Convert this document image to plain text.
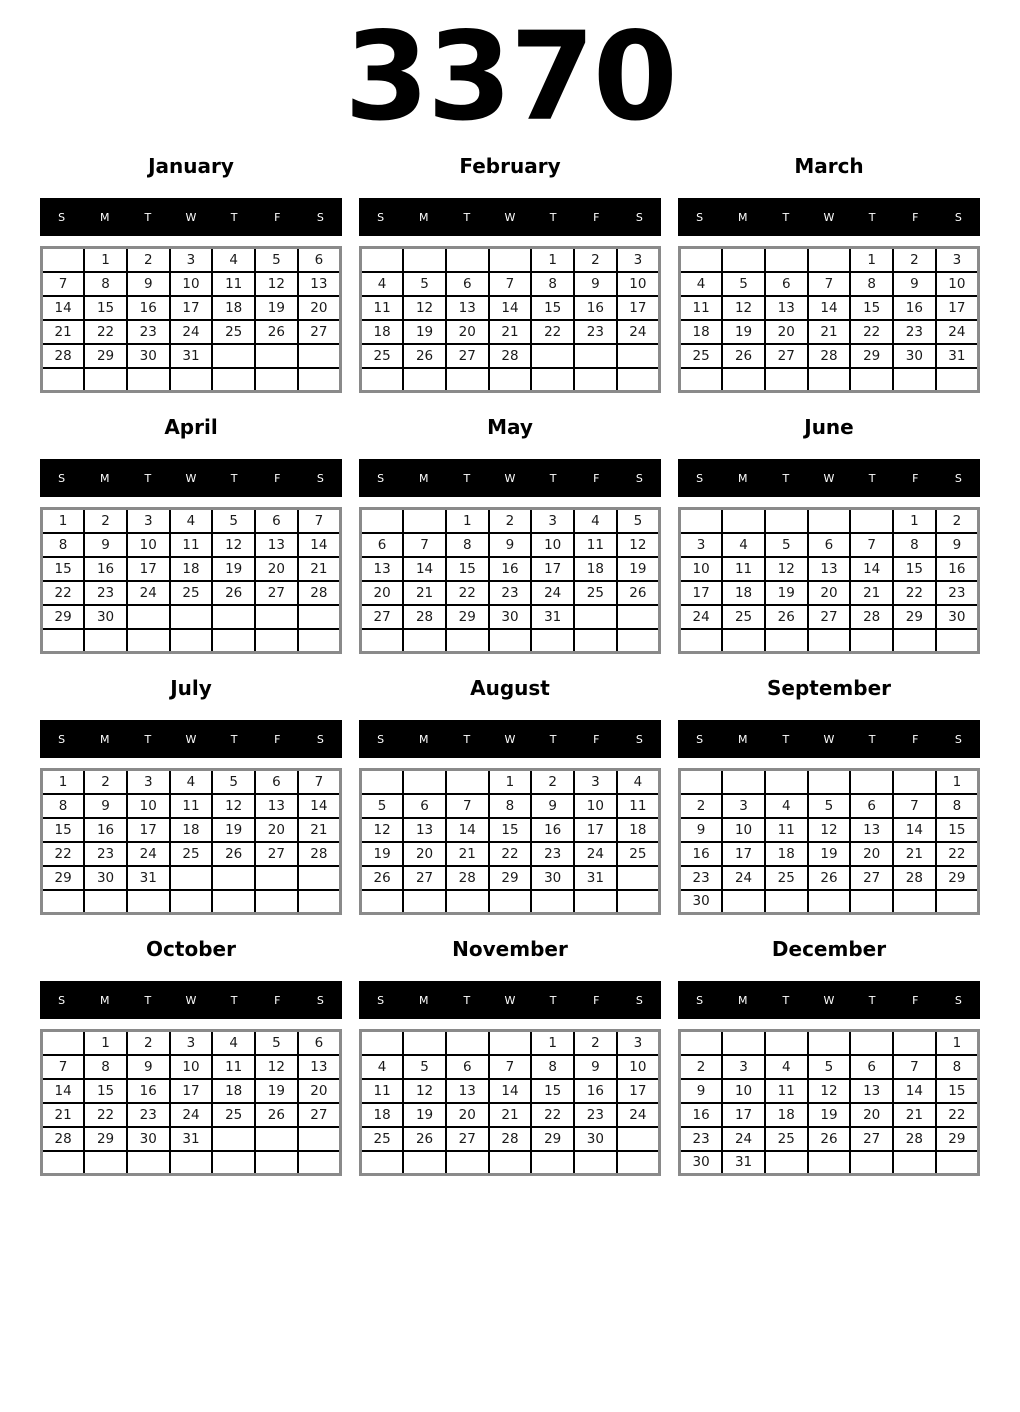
3370
January
S	M	T	W	T	F	S
	1	2	3	4	5	6
7	8	9	10	11	12	13
14	15	16	17	18	19	20
21	22	23	24	25	26	27
28	29	30	31			

February
S	M	T	W	T	F	S
				1	2	3
4	5	6	7	8	9	10
11	12	13	14	15	16	17
18	19	20	21	22	23	24
25	26	27	28			

March
S	M	T	W	T	F	S
				1	2	3
4	5	6	7	8	9	10
11	12	13	14	15	16	17
18	19	20	21	22	23	24
25	26	27	28	29	30	31

April
S	M	T	W	T	F	S
1	2	3	4	5	6	7
8	9	10	11	12	13	14
15	16	17	18	19	20	21
22	23	24	25	26	27	28
29	30					

May
S	M	T	W	T	F	S
		1	2	3	4	5
6	7	8	9	10	11	12
13	14	15	16	17	18	19
20	21	22	23	24	25	26
27	28	29	30	31		

June
S	M	T	W	T	F	S
					1	2
3	4	5	6	7	8	9
10	11	12	13	14	15	16
17	18	19	20	21	22	23
24	25	26	27	28	29	30

July
S	M	T	W	T	F	S
1	2	3	4	5	6	7
8	9	10	11	12	13	14
15	16	17	18	19	20	21
22	23	24	25	26	27	28
29	30	31				

August
S	M	T	W	T	F	S
			1	2	3	4
5	6	7	8	9	10	11
12	13	14	15	16	17	18
19	20	21	22	23	24	25
26	27	28	29	30	31	

September
S	M	T	W	T	F	S
						1
2	3	4	5	6	7	8
9	10	11	12	13	14	15
16	17	18	19	20	21	22
23	24	25	26	27	28	29
30						
October
S	M	T	W	T	F	S
	1	2	3	4	5	6
7	8	9	10	11	12	13
14	15	16	17	18	19	20
21	22	23	24	25	26	27
28	29	30	31			

November
S	M	T	W	T	F	S
				1	2	3
4	5	6	7	8	9	10
11	12	13	14	15	16	17
18	19	20	21	22	23	24
25	26	27	28	29	30	

December
S	M	T	W	T	F	S
						1
2	3	4	5	6	7	8
9	10	11	12	13	14	15
16	17	18	19	20	21	22
23	24	25	26	27	28	29
30	31					
